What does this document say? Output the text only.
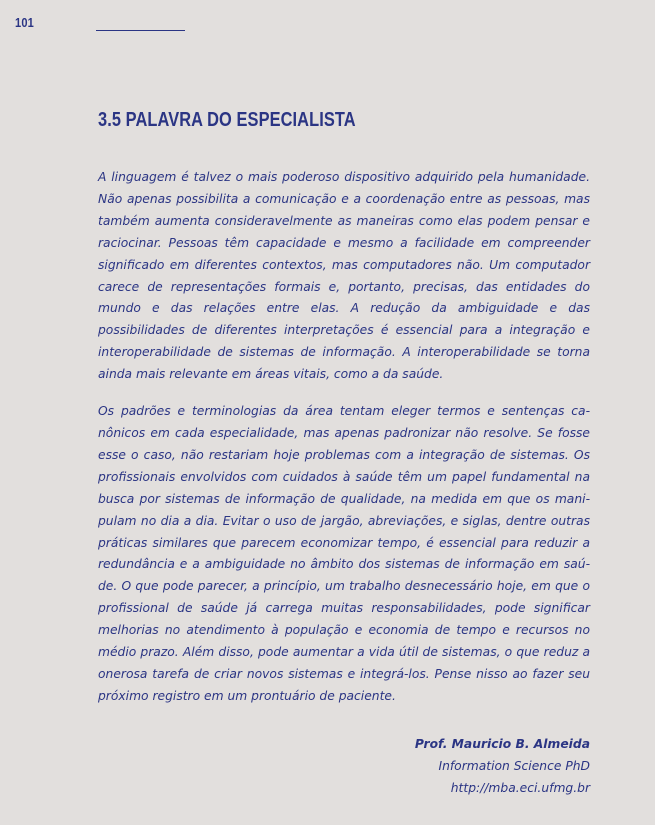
101
3.5 PALAVRA DO ESPECIALISTA

A linguagem é talvez o mais poderoso dispositivo adquirido pela humanidade. Não apenas possibilita a comunicação e a coordenação entre as pessoas, mas também aumenta consideravelmente as maneiras como elas podem pensar e raciocinar. Pessoas têm capacidade e mesmo a facilidade em compreender significado em diferentes contextos, mas computadores não. Um computador carece de representações formais e, portanto, precisas, das entidades do mundo e das relações entre elas. A redução da ambiguidade e das possibilidades de diferentes interpretações é essencial para a integração e interoperabilidade de sistemas de informação. A interoperabilidade se torna ainda mais relevante em áreas vitais, como a da saúde.

Os padrões e terminologias da área tentam eleger termos e sentenças canônicos em cada especialidade, mas apenas padronizar não resolve. Se fosse esse o caso, não restariam hoje problemas com a integração de sistemas. Os profissionais envolvidos com cuidados à saúde têm um papel fundamental na busca por sistemas de informação de qualidade, na medida em que os manipulam no dia a dia. Evitar o uso de jargão, abreviações, e siglas, dentre outras práticas similares que parecem economizar tempo, é essencial para reduzir a redundância e a ambiguidade no âmbito dos sistemas de informação em saúde. O que pode parecer, a princípio, um trabalho desnecessário hoje, em que o profissional de saúde já carrega muitas responsabilidades, pode significar melhorias no atendimento à população e economia de tempo e recursos no médio prazo. Além disso, pode aumentar a vida útil de sistemas, o que reduz a onerosa tarefa de criar novos sistemas e integrá-los. Pense nisso ao fazer seu próximo registro em um prontuário de paciente.

Prof. Mauricio B. Almeida
Information Science PhD
http://mba.eci.ufmg.br
